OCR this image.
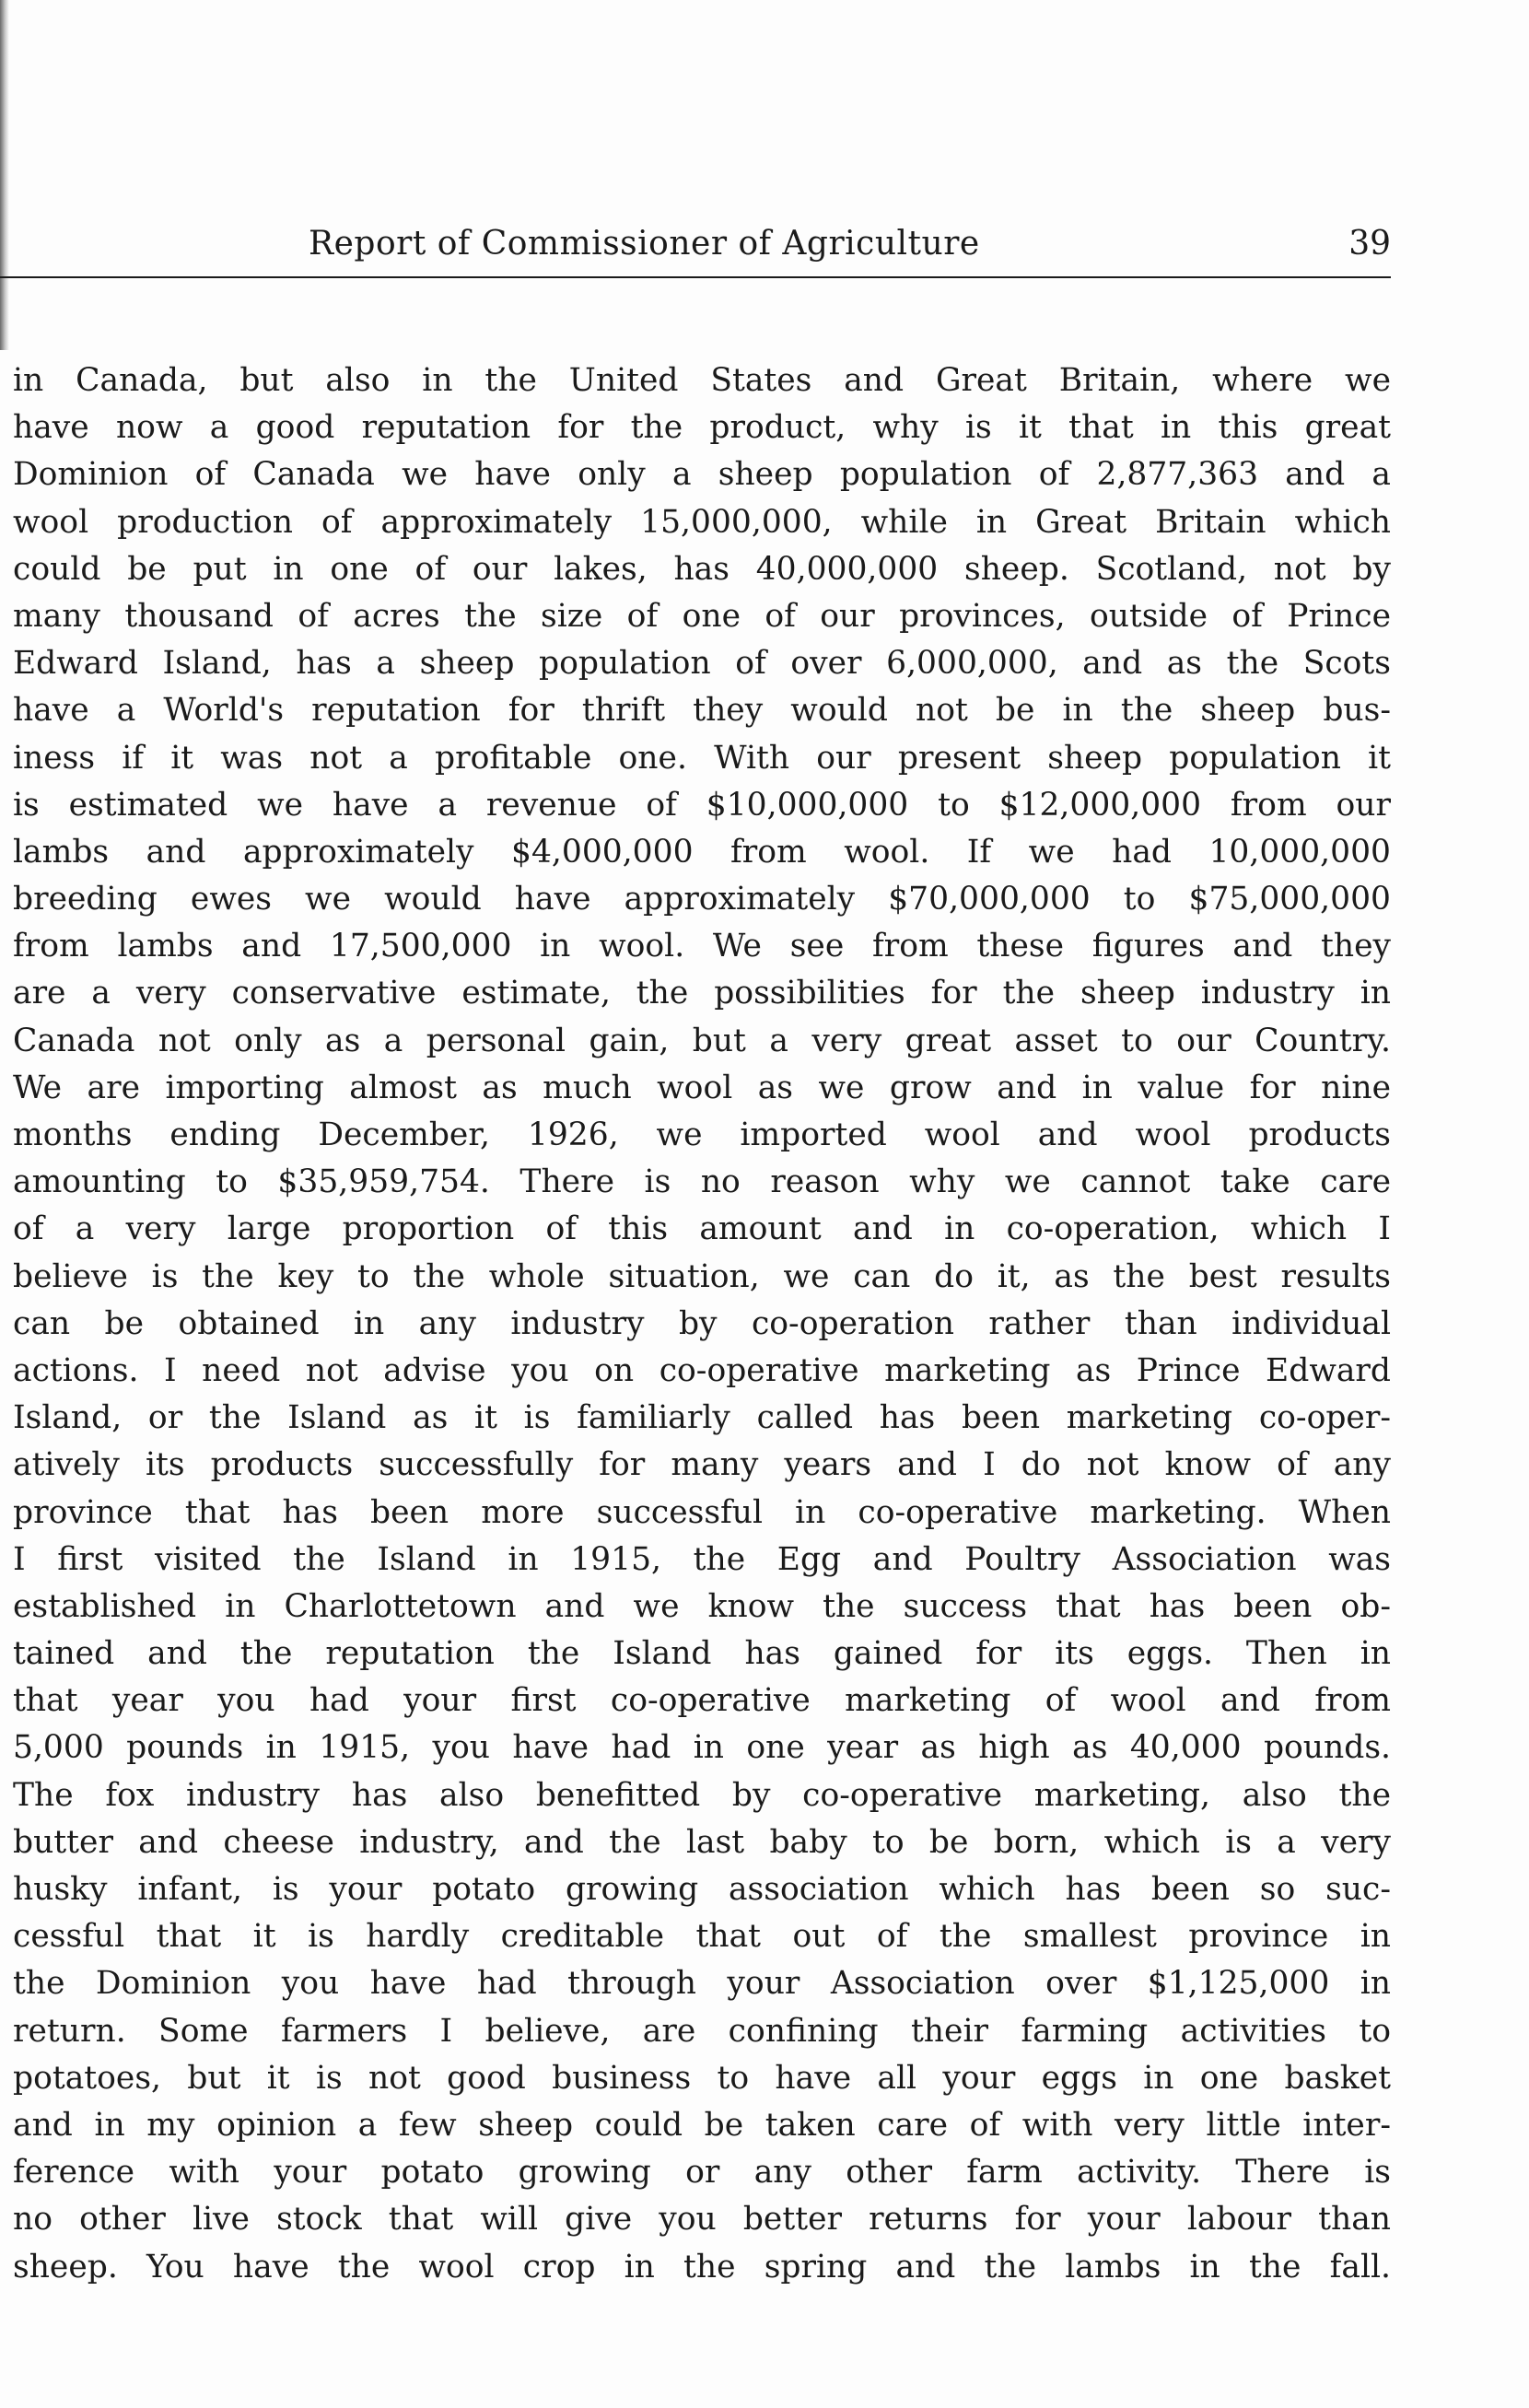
Report of Commissioner of Agriculture	39
in Canada, but also in the United States and Great Britain, where we
have now a good reputation for the product, why is it that in this great
Dominion of Canada we have only a sheep population of 2,877,363 and a
wool production of approximately 15,000,000, while in Great Britain which
could be put in one of our lakes, has 40,000,000 sheep. Scotland, not by
many thousand of acres the size of one of our provinces, outside of Prince
Edward Island, has a sheep population of over 6,000,000, and as the Scots
have a World's reputation for thrift they would not be in the sheep bus-
iness if it was not a profitable one. With our present sheep population it
is estimated we have a revenue of $10,000,000 to $12,000,000 from our
lambs and approximately $4,000,000 from wool. If we had 10,000,000
breeding ewes we would have approximately $70,000,000 to $75,000,000
from lambs and 17,500,000 in wool. We see from these figures and they
are a very conservative estimate, the possibilities for the sheep industry in
Canada not only as a personal gain, but a very great asset to our Country.
We are importing almost as much wool as we grow and in value for nine
months ending December, 1926, we imported wool and wool products
amounting to $35,959,754. There is no reason why we cannot take care
of a very large proportion of this amount and in co-operation, which I
believe is the key to the whole situation, we can do it, as the best results
can be obtained in any industry by co-operation rather than individual
actions. I need not advise you on co-operative marketing as Prince Edward
Island, or the Island as it is familiarly called has been marketing co-oper-
atively its products successfully for many years and I do not know of any
province that has been more successful in co-operative marketing. When
I first visited the Island in 1915, the Egg and Poultry Association was
established in Charlottetown and we know the success that has been ob-
tained and the reputation the Island has gained for its eggs. Then in
that year you had your first co-operative marketing of wool and from
5,000 pounds in 1915, you have had in one year as high as 40,000 pounds.
The fox industry has also benefitted by co-operative marketing, also the
butter and cheese industry, and the last baby to be born, which is a very
husky infant, is your potato growing association which has been so suc-
cessful that it is hardly creditable that out of the smallest province in
the Dominion you have had through your Association over $1,125,000 in
return. Some farmers I believe, are confining their farming activities to
potatoes, but it is not good business to have all your eggs in one basket
and in my opinion a few sheep could be taken care of with very little inter-
ference with your potato growing or any other farm activity. There is
no other live stock that will give you better returns for your labour than
sheep. You have the wool crop in the spring and the lambs in the fall.
